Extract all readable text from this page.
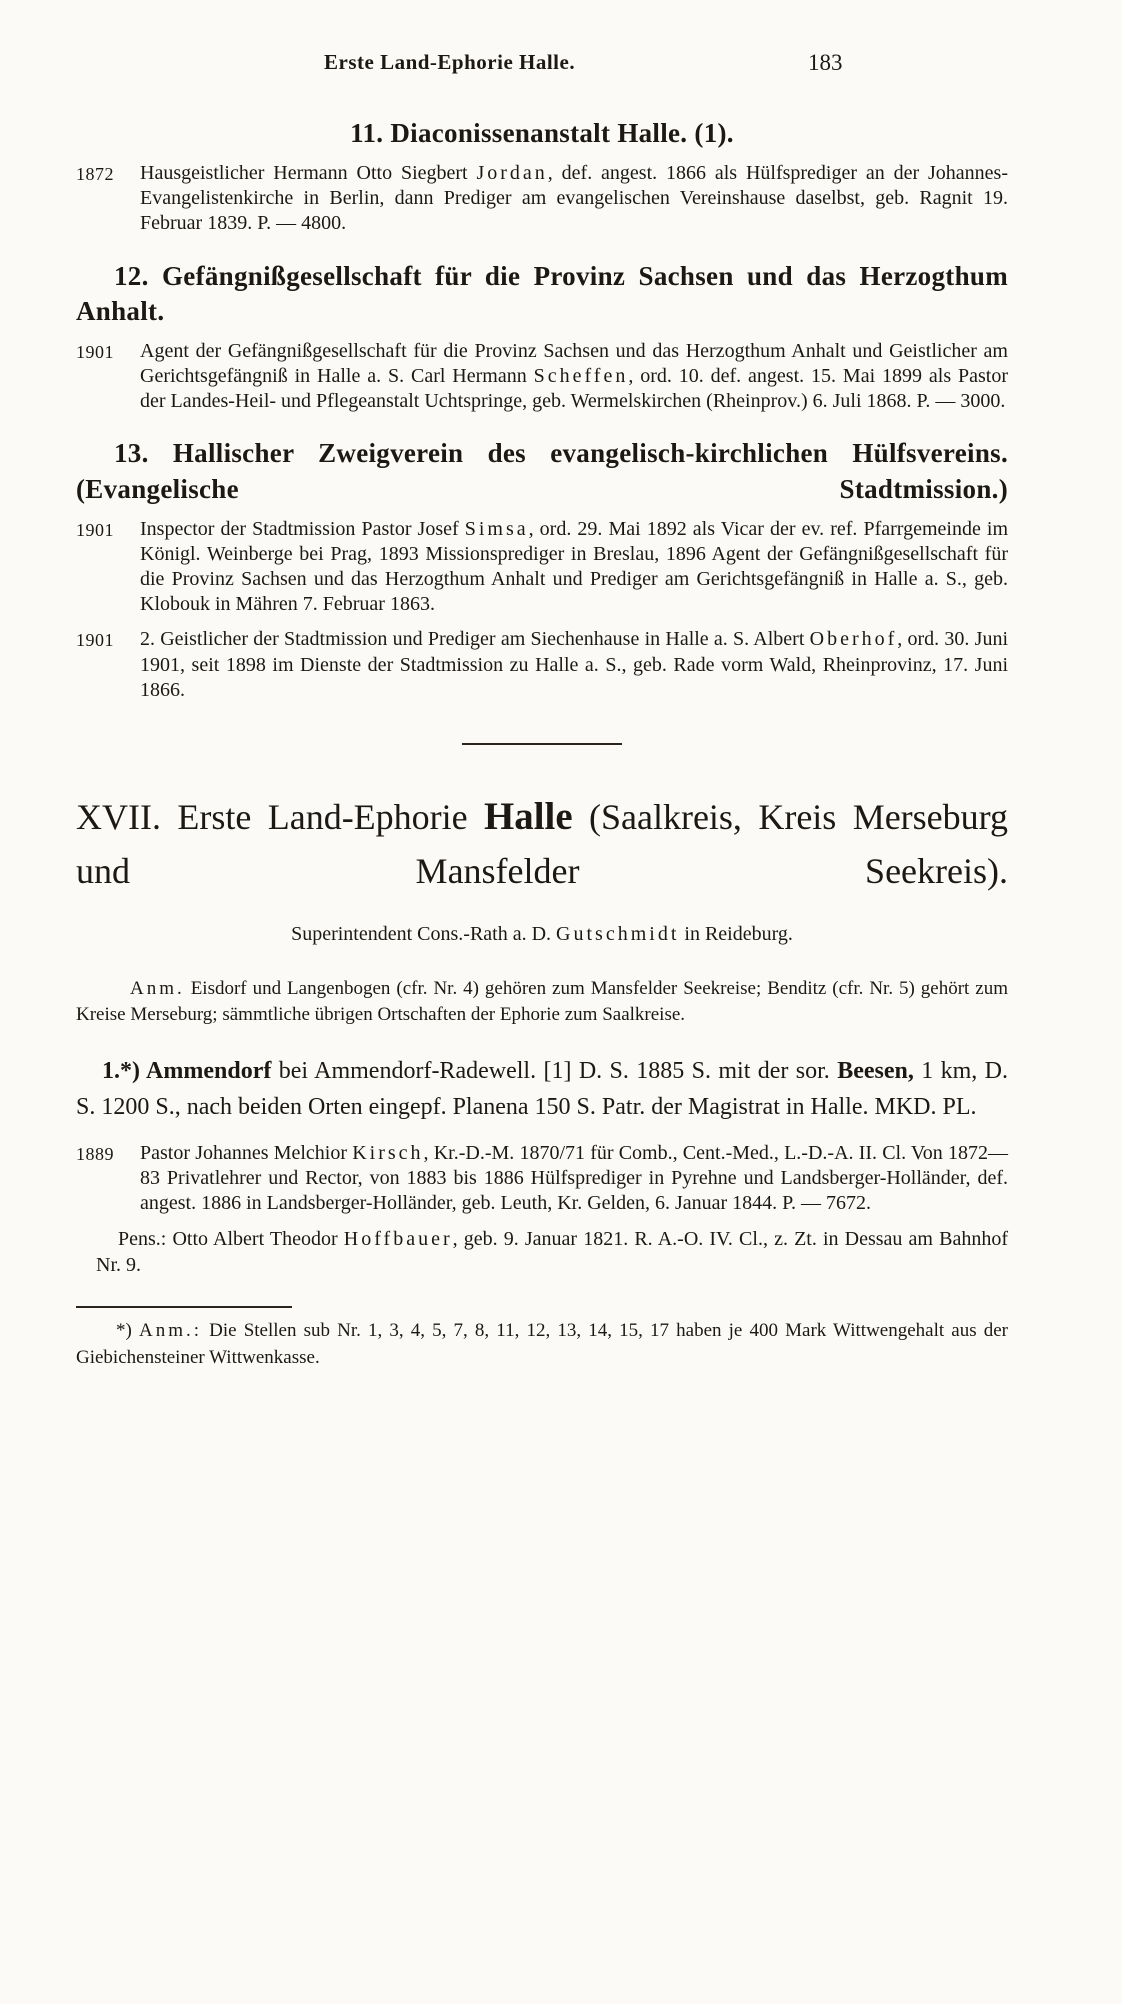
Erste Land-Ephorie Halle.	183
11. Diaconissenanstalt Halle. (1).
1872 Hausgeistlicher Hermann Otto Siegbert Jordan, def. angest. 1866 als Hülfsprediger an der Johannes-Evangelistenkirche in Berlin, dann Prediger am evangelischen Vereinshause daselbst, geb. Ragnit 19. Februar 1839. P. — 4800.

12. Gefängnißgesellschaft für die Provinz Sachsen und das Herzogthum Anhalt.
1901 Agent der Gefängnißgesellschaft für die Provinz Sachsen und das Herzogthum Anhalt und Geistlicher am Gerichtsgefängniß in Halle a. S. Carl Hermann Scheffen, ord. 10. def. angest. 15. Mai 1899 als Pastor der Landes-Heil- und Pflegeanstalt Uchtspringe, geb. Wermelskirchen (Rheinprov.) 6. Juli 1868. P. — 3000.

13. Hallischer Zweigverein des evangelisch-kirchlichen Hülfsvereins. (Evangelische Stadtmission.)
1901 Inspector der Stadtmission Pastor Josef Simsa, ord. 29. Mai 1892 als Vicar der ev. ref. Pfarrgemeinde im Königl. Weinberge bei Prag, 1893 Missionsprediger in Breslau, 1896 Agent der Gefängnißgesellschaft für die Provinz Sachsen und das Herzogthum Anhalt und Prediger am Gerichtsgefängniß in Halle a. S., geb. Klobouk in Mähren 7. Februar 1863.

1901 2. Geistlicher der Stadtmission und Prediger am Siechenhause in Halle a. S. Albert Oberhof, ord. 30. Juni 1901, seit 1898 im Dienste der Stadtmission zu Halle a. S., geb. Rade vorm Wald, Rheinprovinz, 17. Juni 1866.

XVII. Erste Land-Ephorie Halle (Saalkreis, Kreis Merseburg und Mansfelder Seekreis).

Superintendent Cons.-Rath a. D. Gutschmidt in Reideburg.

Anm. Eisdorf und Langenbogen (cfr. Nr. 4) gehören zum Mansfelder Seekreise; Benditz (cfr. Nr. 5) gehört zum Kreise Merseburg; sämmtliche übrigen Ortschaften der Ephorie zum Saalkreise.

1.*) Ammendorf bei Ammendorf-Radewell. [1] D. S. 1885 S. mit der sor. Beesen, 1 km, D. S. 1200 S., nach beiden Orten eingepf. Planena 150 S. Patr. der Magistrat in Halle. MKD. PL.

1889 Pastor Johannes Melchior Kirsch, Kr.-D.-M. 1870/71 für Comb., Cent.-Med., L.-D.-A. II. Cl. Von 1872—83 Privatlehrer und Rector, von 1883 bis 1886 Hülfsprediger in Pyrehne und Landsberger-Holländer, def. angest. 1886 in Landsberger-Holländer, geb. Leuth, Kr. Gelden, 6. Januar 1844. P. — 7672.

Pens.: Otto Albert Theodor Hoffbauer, geb. 9. Januar 1821. R. A.-O. IV. Cl., z. Zt. in Dessau am Bahnhof Nr. 9.

*) Anm.: Die Stellen sub Nr. 1, 3, 4, 5, 7, 8, 11, 12, 13, 14, 15, 17 haben je 400 Mark Wittwengehalt aus der Giebichensteiner Wittwenkasse.
